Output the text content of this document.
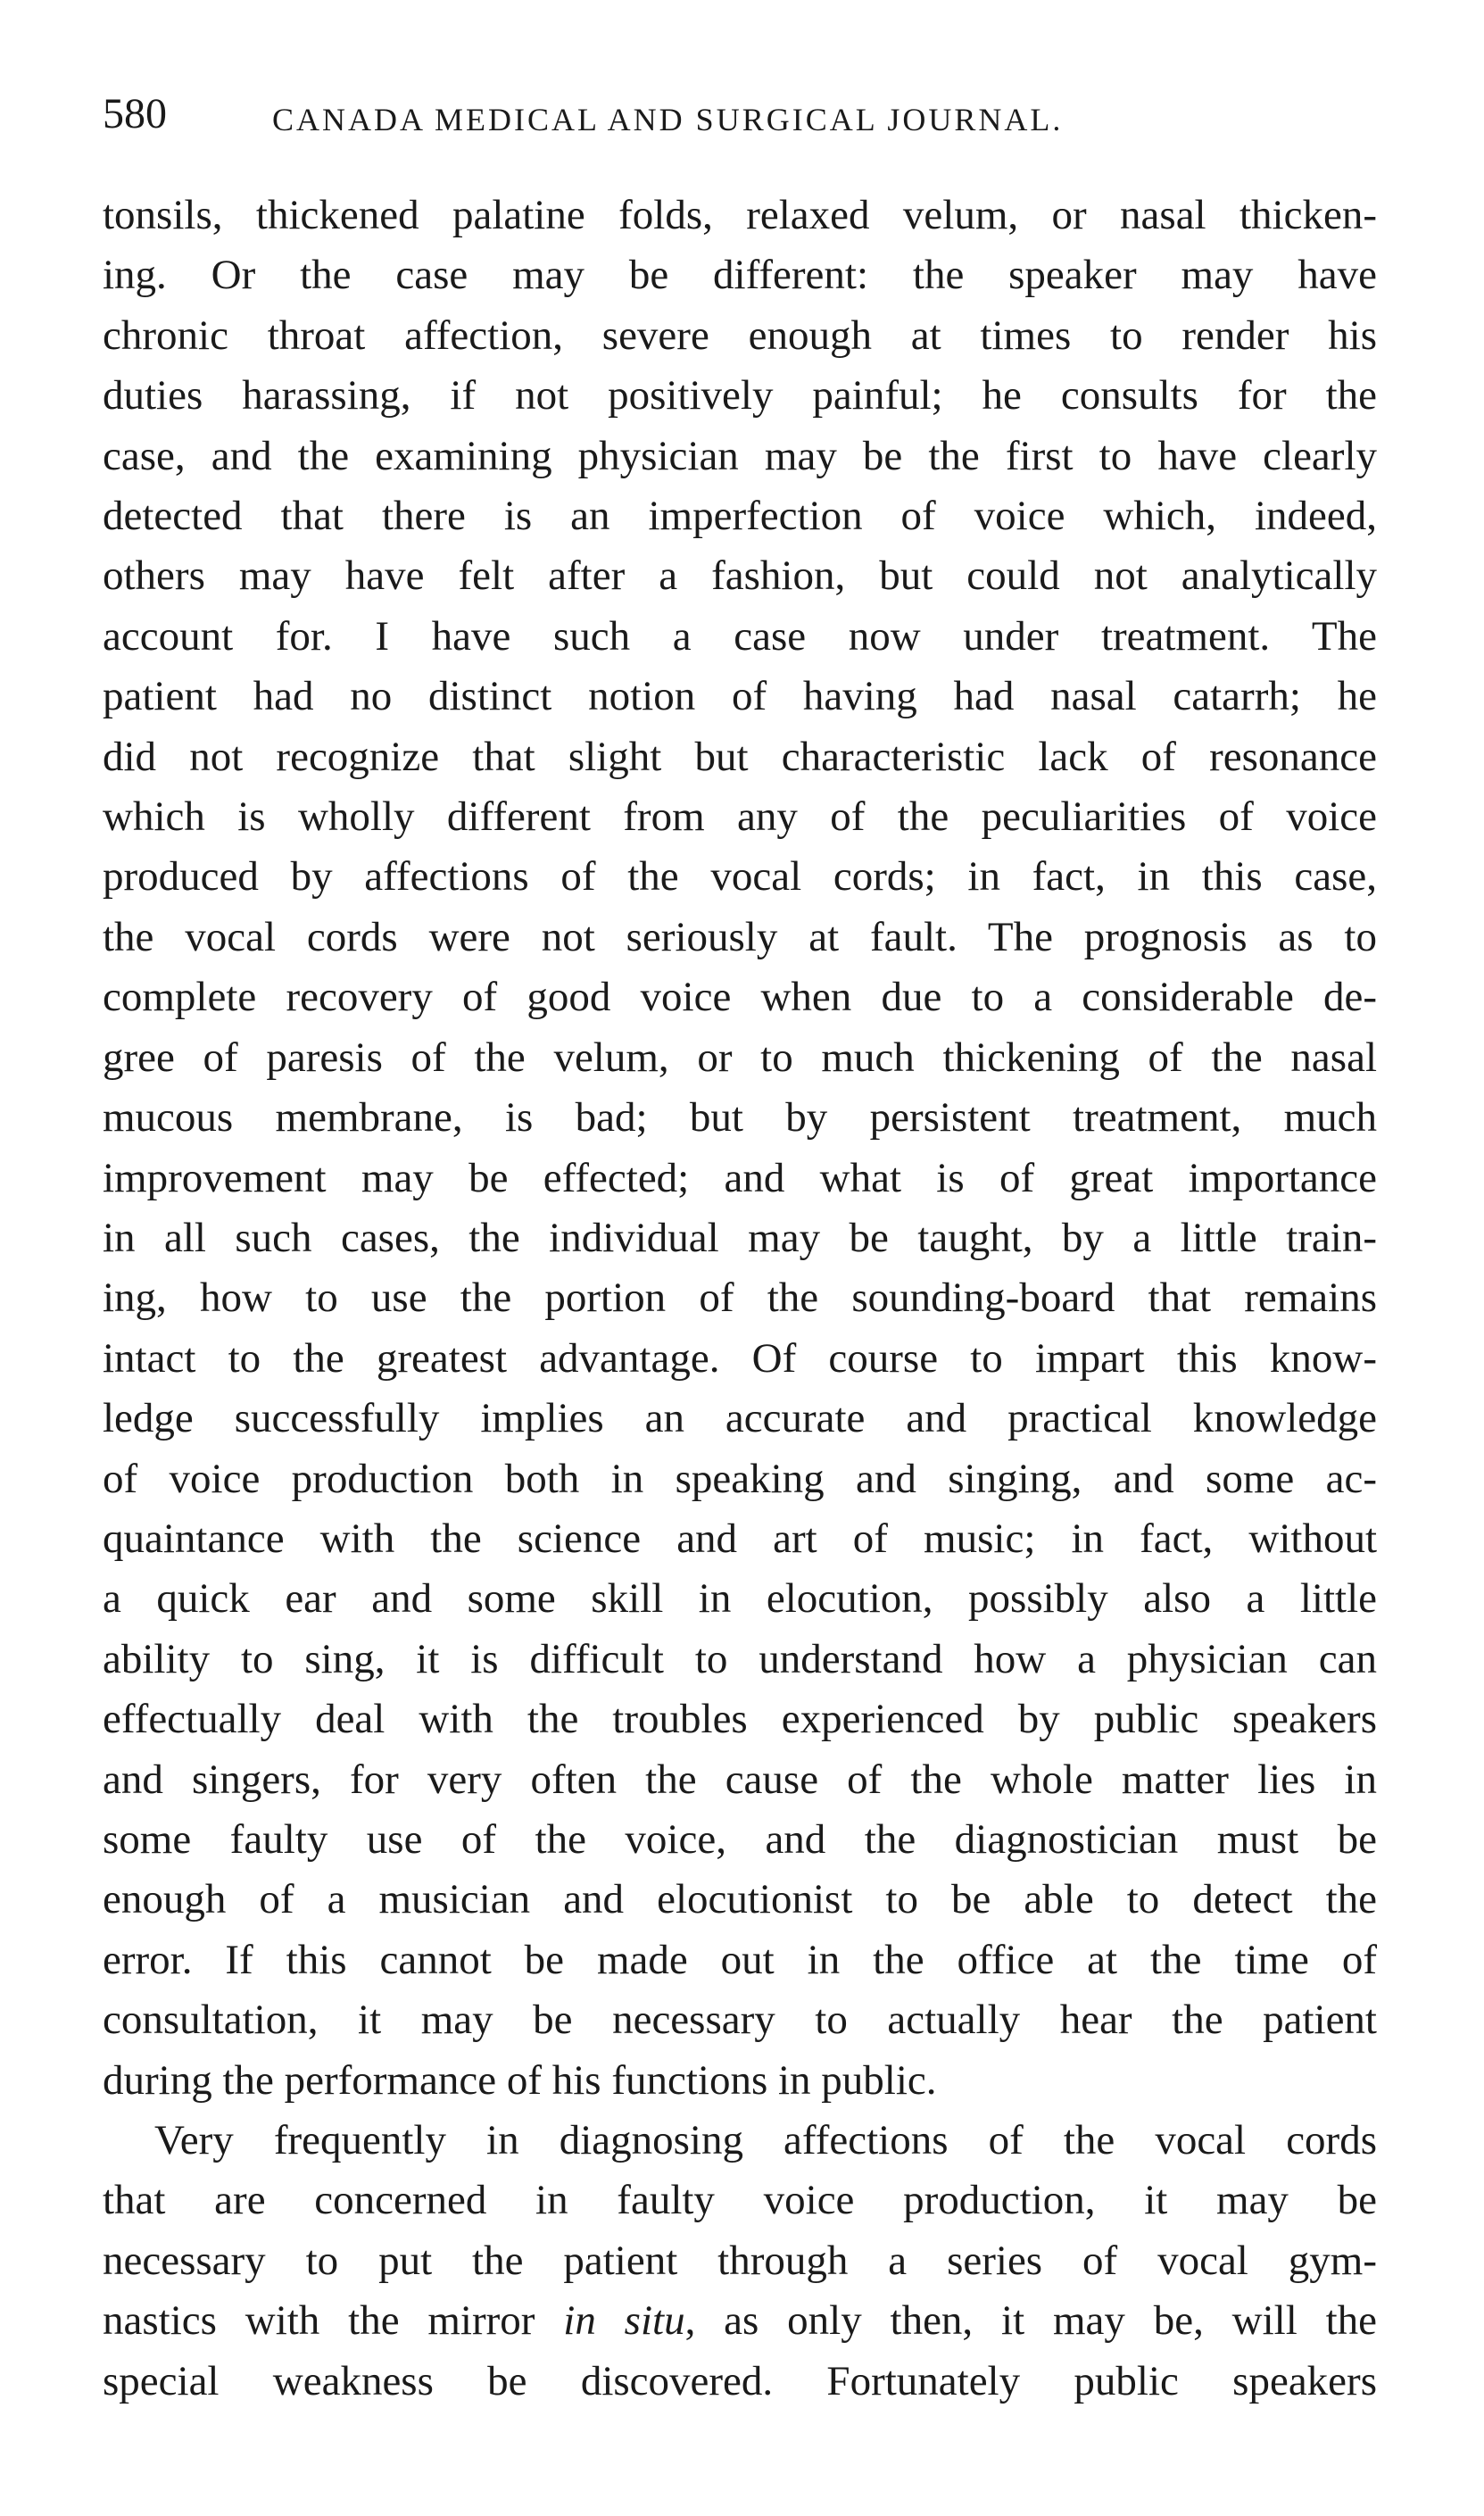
580	CANADA MEDICAL AND SURGICAL JOURNAL.
tonsils, thickened palatine folds, relaxed velum, or nasal thicken-
ing. Or the case may be different: the speaker may have
chronic throat affection, severe enough at times to render his
duties harassing, if not positively painful; he consults for the
case, and the examining physician may be the first to have clearly
detected that there is an imperfection of voice which, indeed,
others may have felt after a fashion, but could not analytically
account for. I have such a case now under treatment. The
patient had no distinct notion of having had nasal catarrh; he
did not recognize that slight but characteristic lack of resonance
which is wholly different from any of the peculiarities of voice
produced by affections of the vocal cords; in fact, in this case,
the vocal cords were not seriously at fault. The prognosis as to
complete recovery of good voice when due to a considerable de-
gree of paresis of the velum, or to much thickening of the nasal
mucous membrane, is bad; but by persistent treatment, much
improvement may be effected; and what is of great importance
in all such cases, the individual may be taught, by a little train-
ing, how to use the portion of the sounding-board that remains
intact to the greatest advantage. Of course to impart this know-
ledge successfully implies an accurate and practical knowledge
of voice production both in speaking and singing, and some ac-
quaintance with the science and art of music; in fact, without
a quick ear and some skill in elocution, possibly also a little
ability to sing, it is difficult to understand how a physician can
effectually deal with the troubles experienced by public speakers
and singers, for very often the cause of the whole matter lies in
some faulty use of the voice, and the diagnostician must be
enough of a musician and elocutionist to be able to detect the
error. If this cannot be made out in the office at the time of
consultation, it may be necessary to actually hear the patient
during the performance of his functions in public.
Very frequently in diagnosing affections of the vocal cords
that are concerned in faulty voice production, it may be
necessary to put the patient through a series of vocal gym-
nastics with the mirror in situ, as only then, it may be, will the
special weakness be discovered. Fortunately public speakers
